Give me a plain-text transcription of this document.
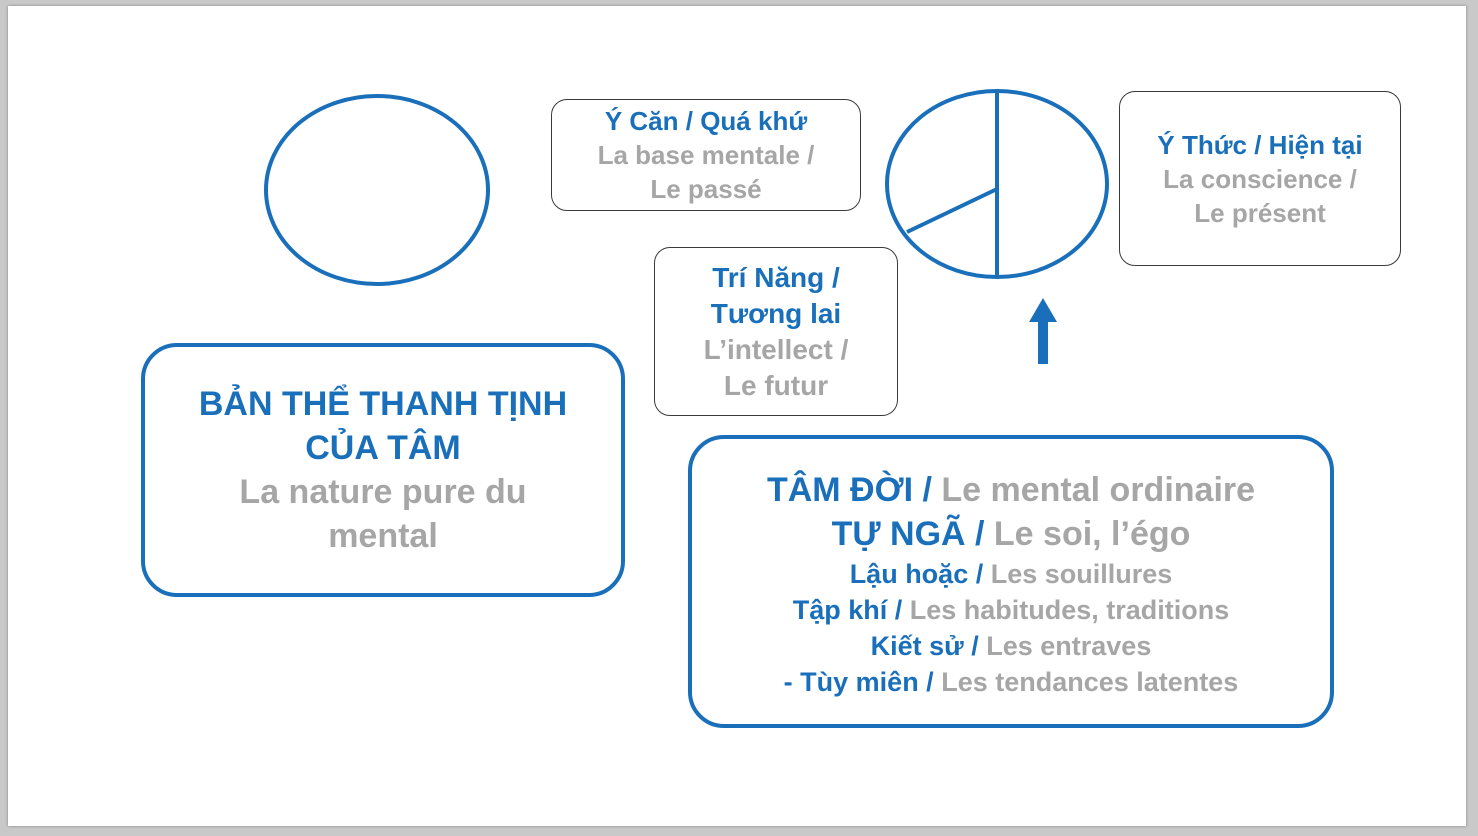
BẢN THỂ THANH TỊNH
CỦA TÂM
La nature pure du
mental
Ý Căn / Quá khứ
La base mentale /
Le passé
Trí Năng /
Tương lai
L’intellect /
Le futur
Ý Thức / Hiện tại
La conscience /
Le présent
TÂM ĐỜI / Le mental ordinaire
TỰ NGÃ / Le soi, l’égo
Lậu hoặc / Les souillures
Tập khí / Les habitudes, traditions
Kiết sử / Les entraves
- Tùy miên / Les tendances latentes
